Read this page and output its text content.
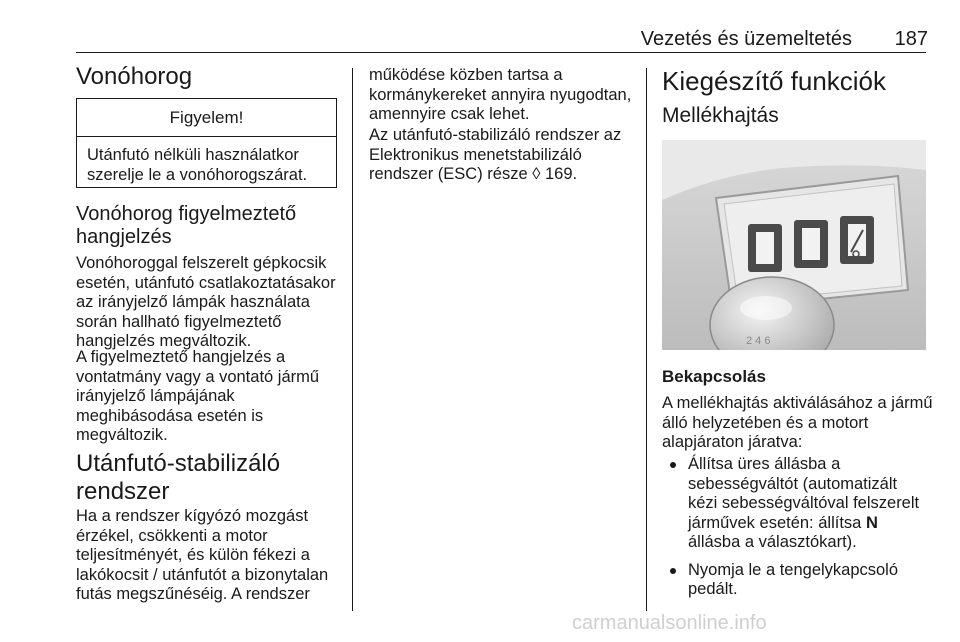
Vezetés és üzemeltetés	187
Vonóhorog
Figyelem!
Utánfutó nélküli használatkor
szerelje le a vonóhorogszárat.
Vonóhorog figyelmeztető
hangjelzés
Vonóhoroggal felszerelt gépkocsik
esetén, utánfutó csatlakoztatásakor
az irányjelző lámpák használata
során hallható figyelmeztető
hangjelzés megváltozik.
A figyelmeztető hangjelzés a
vontatmány vagy a vontató jármű
irányjelző lámpájának
meghibásodása esetén is
megváltozik.
Utánfutó-stabilizáló
rendszer
Ha a rendszer kígyózó mozgást
érzékel, csökkenti a motor
teljesítményét, és külön fékezi a
lakókocsit / utánfutót a bizonytalan
futás megszűnéséig. A rendszer
működése közben tartsa a
kormánykereket annyira nyugodtan,
amennyire csak lehet.
Az utánfutó-stabilizáló rendszer az
Elektronikus menetstabilizáló
rendszer (ESC) része ◊ 169.
Kiegészítő funkciók
Mellékhajtás
2 4 6
Bekapcsolás
A mellékhajtás aktiválásához a jármű
álló helyzetében és a motort
alapjáraton járatva:
Állítsa üres állásba a
sebességváltót (automatizált
kézi sebességváltóval felszerelt
járművek esetén: állítsa N
állásba a választókart).
Nyomja le a tengelykapcsoló
pedált.
carmanualsonline.info
